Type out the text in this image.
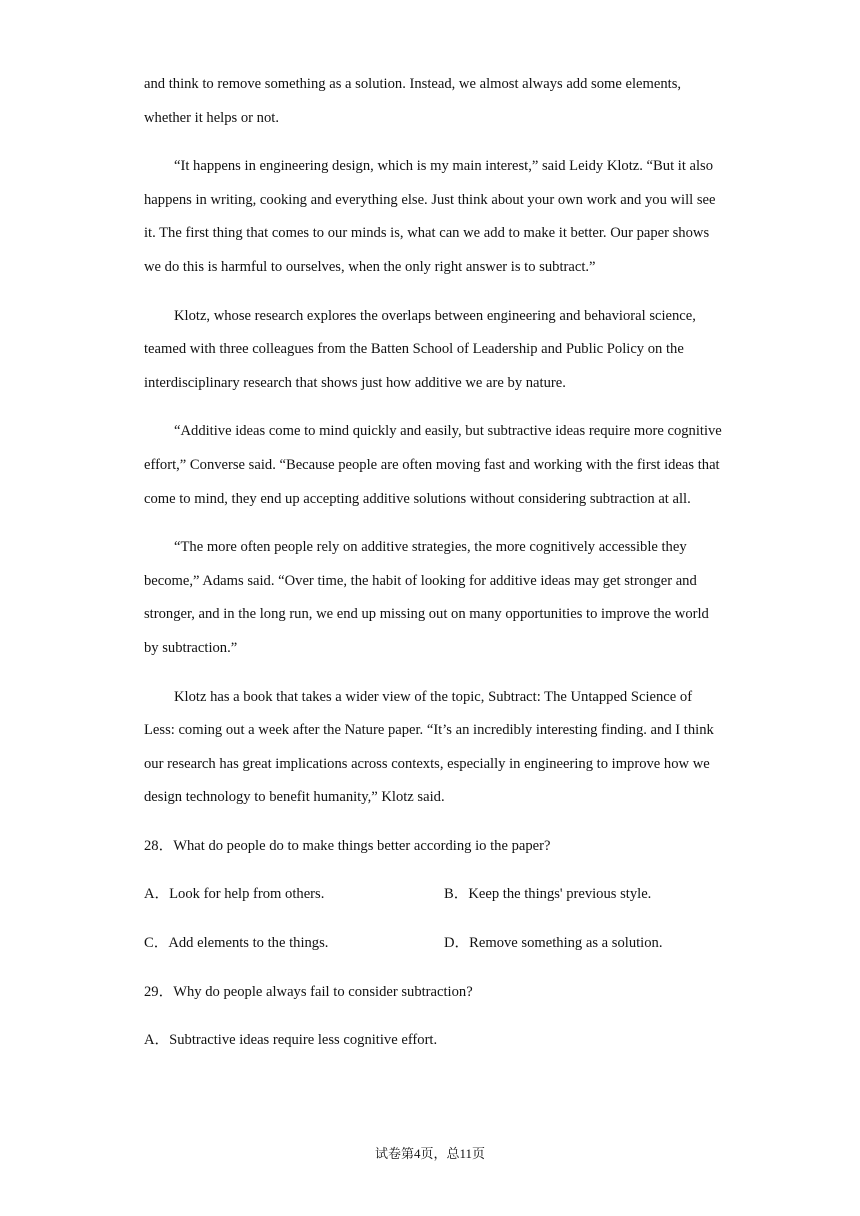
and think to remove something as a solution. Instead, we almost always add some elements, whether it helps or not.

“It happens in engineering design, which is my main interest,” said Leidy Klotz. “But it also happens in writing, cooking and everything else. Just think about your own work and you will see it. The first thing that comes to our minds is, what can we add to make it better. Our paper shows we do this is harmful to ourselves, when the only right answer is to subtract.”

Klotz, whose research explores the overlaps between engineering and behavioral science, teamed with three colleagues from the Batten School of Leadership and Public Policy on the interdisciplinary research that shows just how additive we are by nature.

“Additive ideas come to mind quickly and easily, but subtractive ideas require more cognitive effort,” Converse said. “Because people are often moving fast and working with the first ideas that come to mind, they end up accepting additive solutions without considering subtraction at all.

“The more often people rely on additive strategies, the more cognitively accessible they become,” Adams said. “Over time, the habit of looking for additive ideas may get stronger and stronger, and in the long run, we end up missing out on many opportunities to improve the world by subtraction.”

Klotz has a book that takes a wider view of the topic, Subtract: The Untapped Science of Less: coming out a week after the Nature paper. “It’s an incredibly interesting finding. and I think our research has great implications across contexts, especially in engineering to improve how we design technology to benefit humanity,” Klotz said.

28．What do people do to make things better according io the paper?

A．Look for help from others.	B．Keep the things' previous style.
C．Add elements to the things.	D．Remove something as a solution.

29．Why do people always fail to consider subtraction?

A．Subtractive ideas require less cognitive effort.
试卷第4页，总11页
